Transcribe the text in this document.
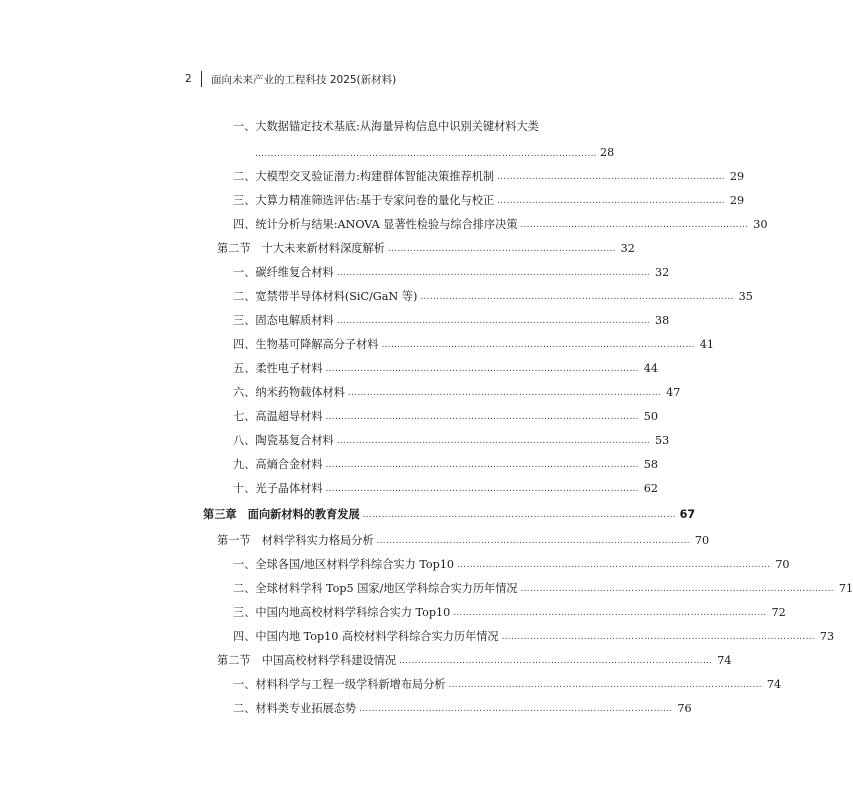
2	面向未来产业的工程科技 2025(新材料)
一、大数据锚定技术基底:从海量异构信息中识别关键材料大类
……………………………………………………………………………………………… 28
二、大模型交叉验证潜力:构建群体智能决策推荐机制 ……………………………………………………………… 29
三、大算力精准筛选评估:基于专家问卷的量化与校正 ……………………………………………………………… 29
四、统计分析与结果:ANOVA 显著性检验与综合排序决策 ……………………………………………………………… 30
第二节　十大未来新材料深度解析 ……………………………………………………………… 32
一、碳纤维复合材料 ……………………………………………………………………………………… 32
二、宽禁带半导体材料(SiC/GaN 等) ……………………………………………………………………………………… 35
三、固态电解质材料 ……………………………………………………………………………………… 38
四、生物基可降解高分子材料 ……………………………………………………………………………………… 41
五、柔性电子材料 ……………………………………………………………………………………… 44
六、纳米药物载体材料 ……………………………………………………………………………………… 47
七、高温超导材料 ……………………………………………………………………………………… 50
八、陶瓷基复合材料 ……………………………………………………………………………………… 53
九、高熵合金材料 ……………………………………………………………………………………… 58
十、光子晶体材料 ……………………………………………………………………………………… 62
第三章　面向新材料的教育发展 ……………………………………………………………………………………… 67
第一节　材料学科实力格局分析 ……………………………………………………………………………………… 70
一、全球各国/地区材料学科综合实力 Top10 ……………………………………………………………………………………… 70
二、全球材料学科 Top5 国家/地区学科综合实力历年情况 ……………………………………………………………………………………… 71
三、中国内地高校材料学科综合实力 Top10 ……………………………………………………………………………………… 72
四、中国内地 Top10 高校材料学科综合实力历年情况 ……………………………………………………………………………………… 73
第二节　中国高校材料学科建设情况 ……………………………………………………………………………………… 74
一、材料科学与工程一级学科新增布局分析 ……………………………………………………………………………………… 74
二、材料类专业拓展态势 ……………………………………………………………………………………… 76
